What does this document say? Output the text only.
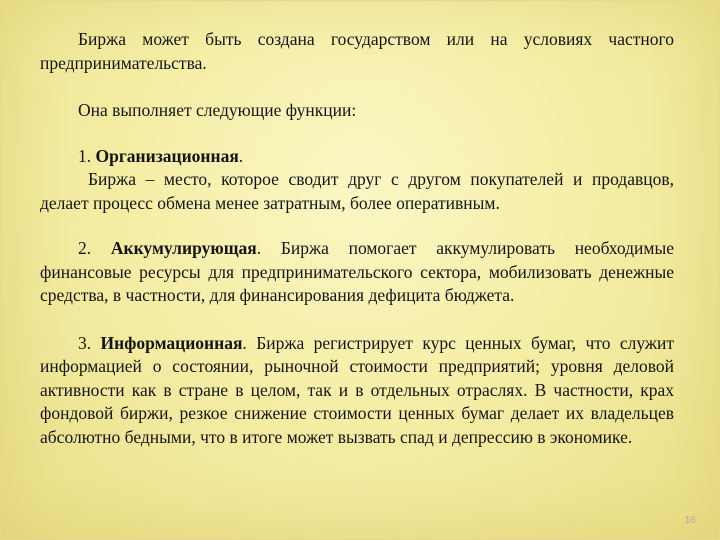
Биржа может быть создана государством или на условиях частного предпринимательства.

Она выполняет следующие функции:

1. Организационная.

Биржа – место, которое сводит друг с другом покупателей и продавцов, делает процесс обмена менее затратным, более оперативным.

2. Аккумулирующая. Биржа помогает аккумулировать необходимые финансовые ресурсы для предпринимательского сектора, мобилизовать денежные средства, в частности, для финансирования дефицита бюджета.

3. Информационная. Биржа регистрирует курс ценных бумаг, что служит информацией о состоянии, рыночной стоимости предприятий; уровня деловой активности как в стране в целом, так и в отдельных отраслях. В частности, крах фондовой биржи, резкое снижение стоимости ценных бумаг делает их владельцев абсолютно бедными, что в итоге может вызвать спад и депрессию в экономике.

16
